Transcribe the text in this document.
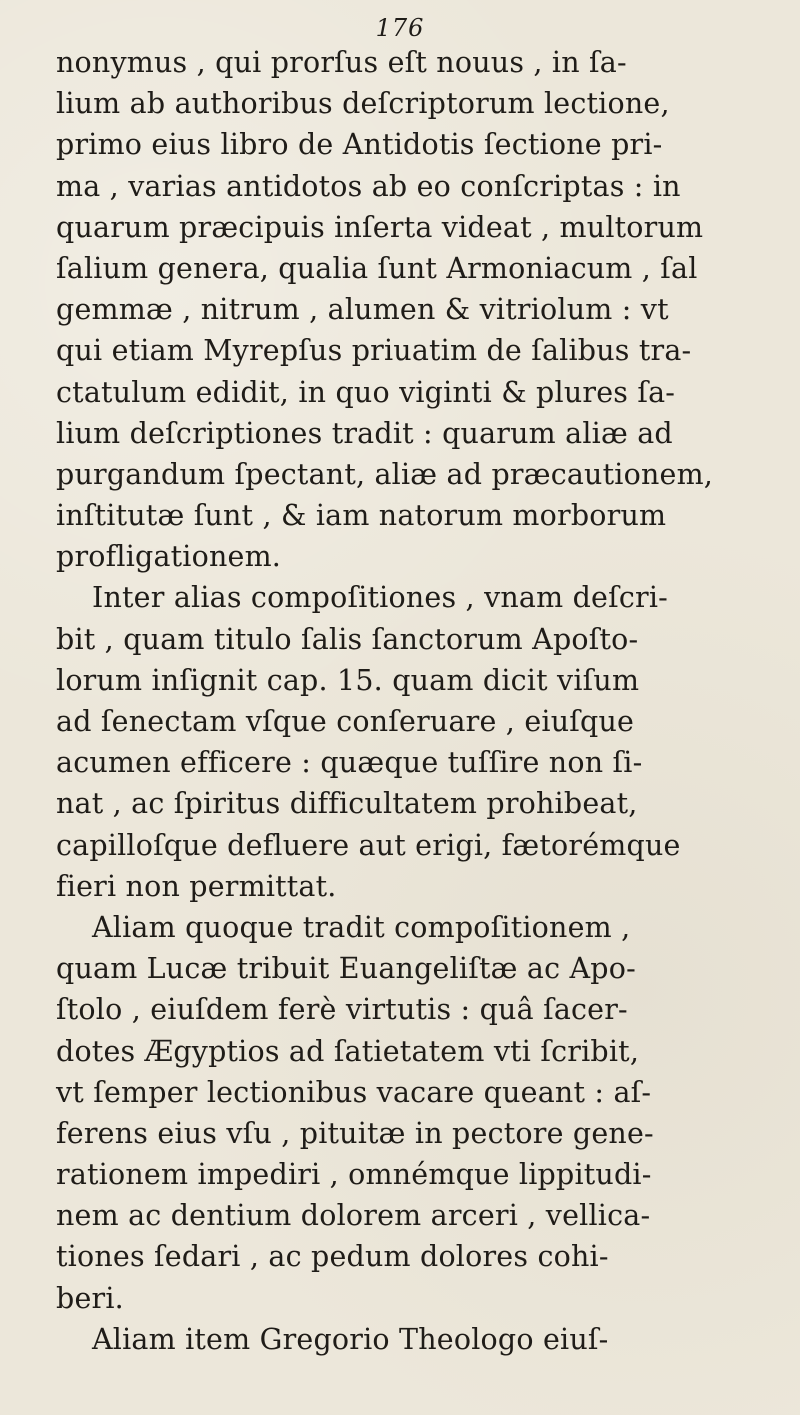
176
nonymus , qui prorſus eſt nouus , in ſa-
lium ab authoribus deſcriptorum lectione,
primo eius libro de Antidotis ſectione pri-
ma , varias antidotos ab eo conſcriptas : in
quarum præcipuis inſerta videat , multorum
ſalium genera, qualia ſunt Armoniacum , ſal
gemmæ , nitrum , alumen & vitriolum : vt
qui etiam Myrepſus priuatim de ſalibus tra-
ctatulum edidit, in quo viginti & plures ſa-
lium deſcriptiones tradit : quarum aliæ ad
purgandum ſpectant, aliæ ad præcautionem,
inſtitutæ ſunt , & iam natorum morborum
profligationem.
Inter alias compoſitiones , vnam deſcri-
bit , quam titulo ſalis ſanctorum Apoſto-
lorum inſignit cap. 15. quam dicit viſum
ad ſenectam vſque conſeruare , eiuſque
acumen efficere : quæque tuſſire non ſi-
nat , ac ſpiritus difficultatem prohibeat,
capilloſque defluere aut erigi, fætorémque
fieri non permittat.
Aliam quoque tradit compoſitionem ,
quam Lucæ tribuit Euangeliſtæ ac Apo-
ſtolo , eiuſdem ferè virtutis : quâ ſacer-
dotes Ægyptios ad ſatietatem vti ſcribit,
vt ſemper lectionibus vacare queant : aſ-
ferens eius vſu , pituitæ in pectore gene-
rationem impediri , omnémque lippitudi-
nem ac dentium dolorem arceri , vellica-
tiones ſedari , ac pedum dolores cohi-
beri.
Aliam item Gregorio Theologo eiuſ-
